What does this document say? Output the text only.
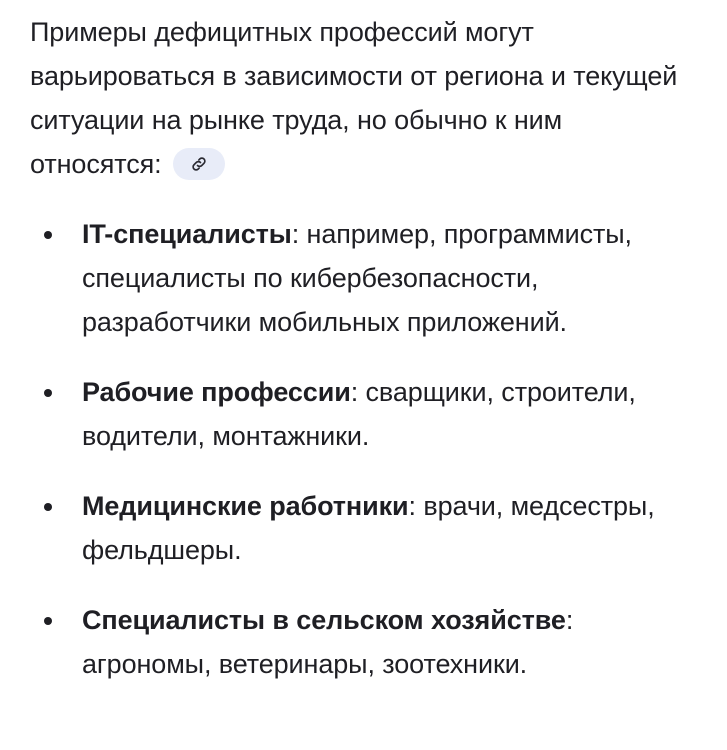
Примеры дефицитных профессий могут варьироваться в зависимости от региона и текущей ситуации на рынке труда, но обычно к ним относятся:

IT-специалисты: например, программисты, специалисты по кибербезопасности, разработчики мобильных приложений.
Рабочие профессии: сварщики, строители, водители, монтажники.
Медицинские работники: врачи, медсестры, фельдшеры.
Специалисты в сельском хозяйстве: агрономы, ветеринары, зоотехники.
